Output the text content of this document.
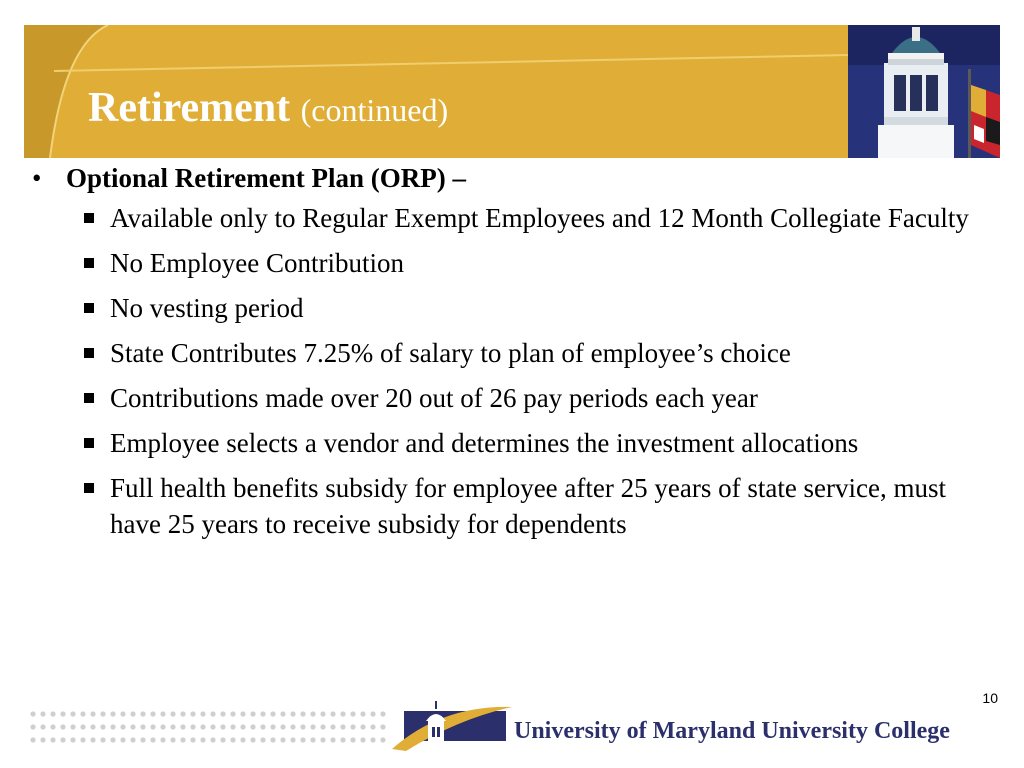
Retirement (continued)
• Optional Retirement Plan (ORP) –
Available only to Regular Exempt Employees and 12 Month Collegiate Faculty
No Employee Contribution
No vesting period
State Contributes 7.25% of salary to plan of employee’s choice
Contributions made over 20 out of 26 pay periods each year
Employee selects a vendor and determines the investment allocations
Full health benefits subsidy for employee after 25 years of state service, must have 25 years to receive subsidy for dependents
10
University of Maryland University College
